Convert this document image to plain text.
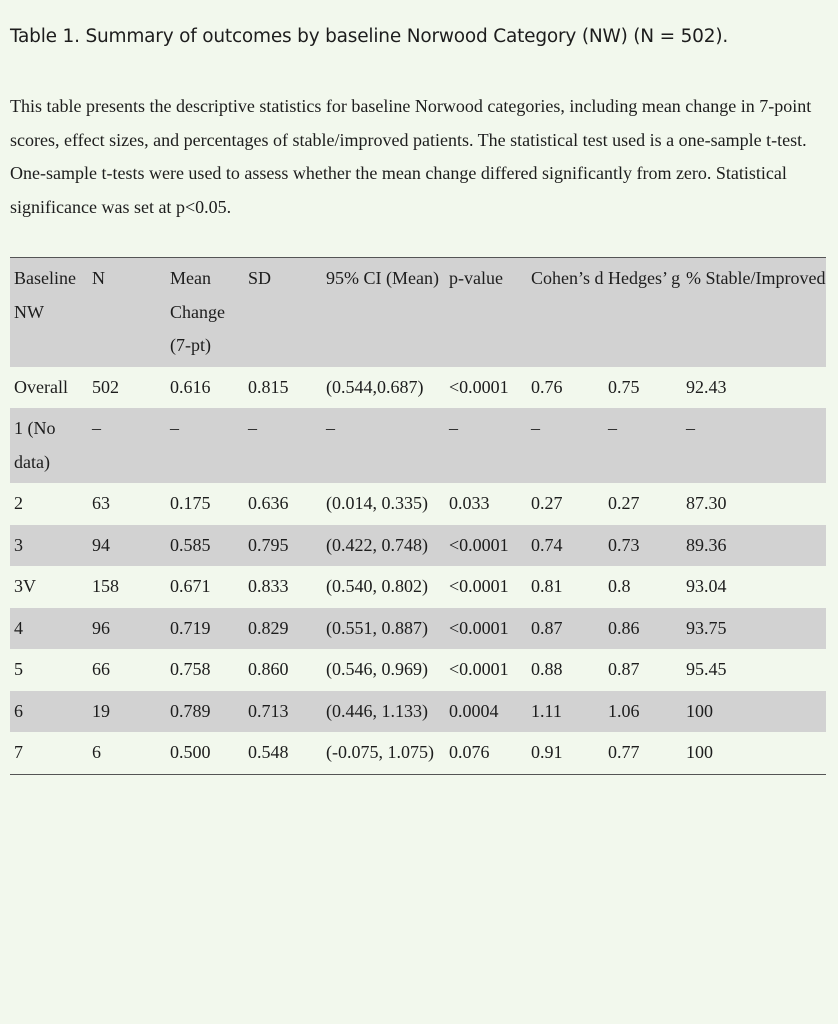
Table 1. Summary of outcomes by baseline Norwood Category (NW) (N = 502).

This table presents the descriptive statistics for baseline Norwood categories, including mean change in 7-point scores, effect sizes, and percentages of stable/improved patients. The statistical test used is a one-sample t-test. One-sample t-tests were used to assess whether the mean change differed significantly from zero. Statistical significance was set at p<0.05.

Baseline NW	N	Mean Change (7-pt)	SD	95% CI (Mean)	p-value	Cohen’s d	Hedges’ g	% Stable/Improved
Overall	502	0.616	0.815	(0.544,0.687)	<0.0001	0.76	0.75	92.43
1 (No data)	–	–	–	–	–	–	–	–
2	63	0.175	0.636	(0.014, 0.335)	0.033	0.27	0.27	87.30
3	94	0.585	0.795	(0.422, 0.748)	<0.0001	0.74	0.73	89.36
3V	158	0.671	0.833	(0.540, 0.802)	<0.0001	0.81	0.8	93.04
4	96	0.719	0.829	(0.551, 0.887)	<0.0001	0.87	0.86	93.75
5	66	0.758	0.860	(0.546, 0.969)	<0.0001	0.88	0.87	95.45
6	19	0.789	0.713	(0.446, 1.133)	0.0004	1.11	1.06	100
7	6	0.500	0.548	(-0.075, 1.075)	0.076	0.91	0.77	100
